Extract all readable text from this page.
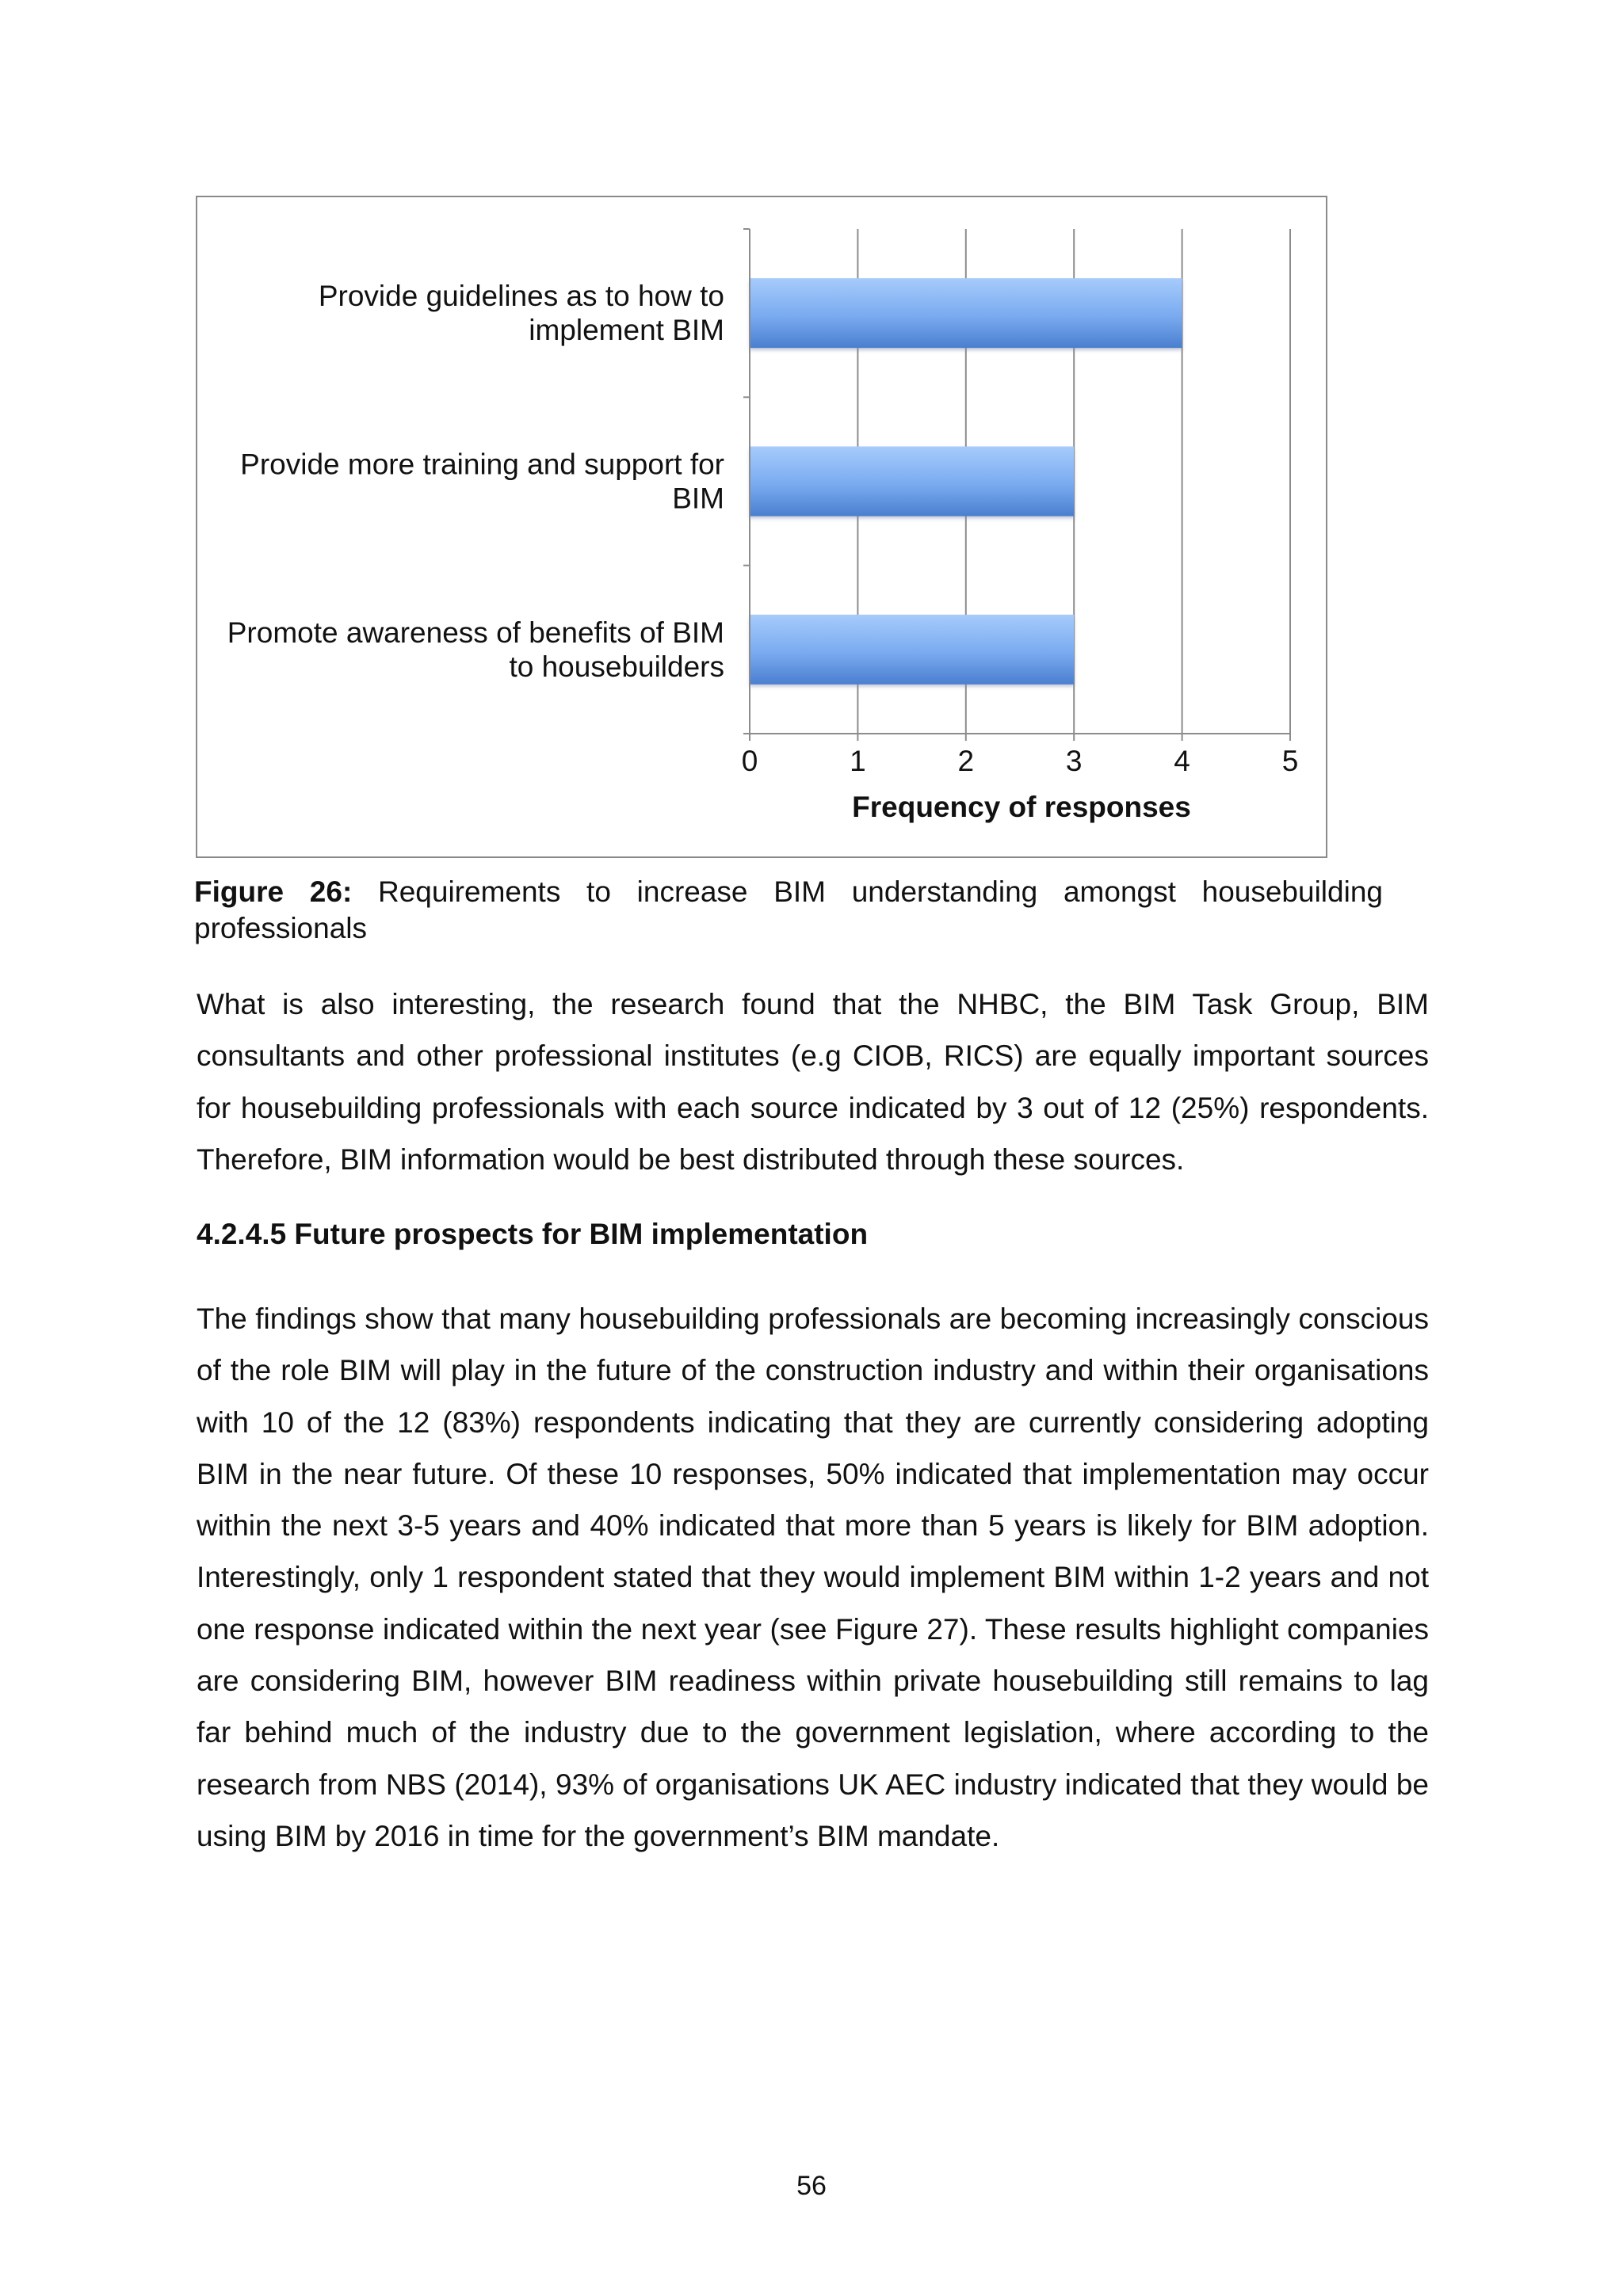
0	1	2	3	4	5
Frequency of responses
Provide guidelines as to how to implement BIM
Provide more training and support for BIM
Promote awareness of benefits of BIM to housebuilders
Figure 26: Requirements to increase BIM understanding amongst housebuilding professionals

What is also interesting, the research found that the NHBC, the BIM Task Group, BIM consultants and other professional institutes (e.g CIOB, RICS) are equally important sources for housebuilding professionals with each source indicated by 3 out of 12 (25%) respondents. Therefore, BIM information would be best distributed through these sources.

4.2.4.5 Future prospects for BIM implementation

The findings show that many housebuilding professionals are becoming increasingly conscious of the role BIM will play in the future of the construction industry and within their organisations with 10 of the 12 (83%) respondents indicating that they are currently considering adopting BIM in the near future. Of these 10 responses, 50% indicated that implementation may occur within the next 3-5 years and 40% indicated that more than 5 years is likely for BIM adoption. Interestingly, only 1 respondent stated that they would implement BIM within 1-2 years and not one response indicated within the next year (see Figure 27). These results highlight companies are considering BIM, however BIM readiness within private housebuilding still remains to lag far behind much of the industry due to the government legislation, where according to the research from NBS (2014), 93% of organisations UK AEC industry indicated that they would be using BIM by 2016 in time for the government’s BIM mandate.

56
